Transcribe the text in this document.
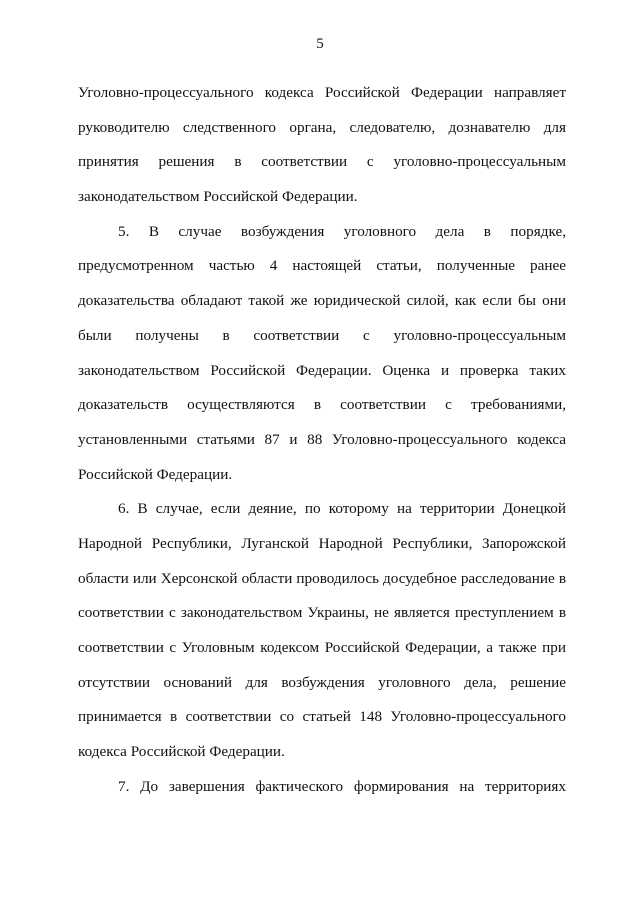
5

Уголовно-процессуального кодекса Российской Федерации направляет
руководителю следственного органа, следователю, дознавателю для
принятия решения в соответствии с уголовно-процессуальным
законодательством Российской Федерации.

5. В случае возбуждения уголовного дела в порядке,
предусмотренном частью 4 настоящей статьи, полученные ранее
доказательства обладают такой же юридической силой, как если бы они
были получены в соответствии с уголовно-процессуальным
законодательством Российской Федерации. Оценка и проверка таких
доказательств осуществляются в соответствии с требованиями,
установленными статьями 87 и 88 Уголовно-процессуального кодекса
Российской Федерации.

6. В случае, если деяние, по которому на территории Донецкой
Народной Республики, Луганской Народной Республики, Запорожской
области или Херсонской области проводилось досудебное расследование в
соответствии с законодательством Украины, не является преступлением в
соответствии с Уголовным кодексом Российской Федерации, а также при
отсутствии оснований для возбуждения уголовного дела, решение
принимается в соответствии со статьей 148 Уголовно-процессуального
кодекса Российской Федерации.

7. До завершения фактического формирования на территориях
